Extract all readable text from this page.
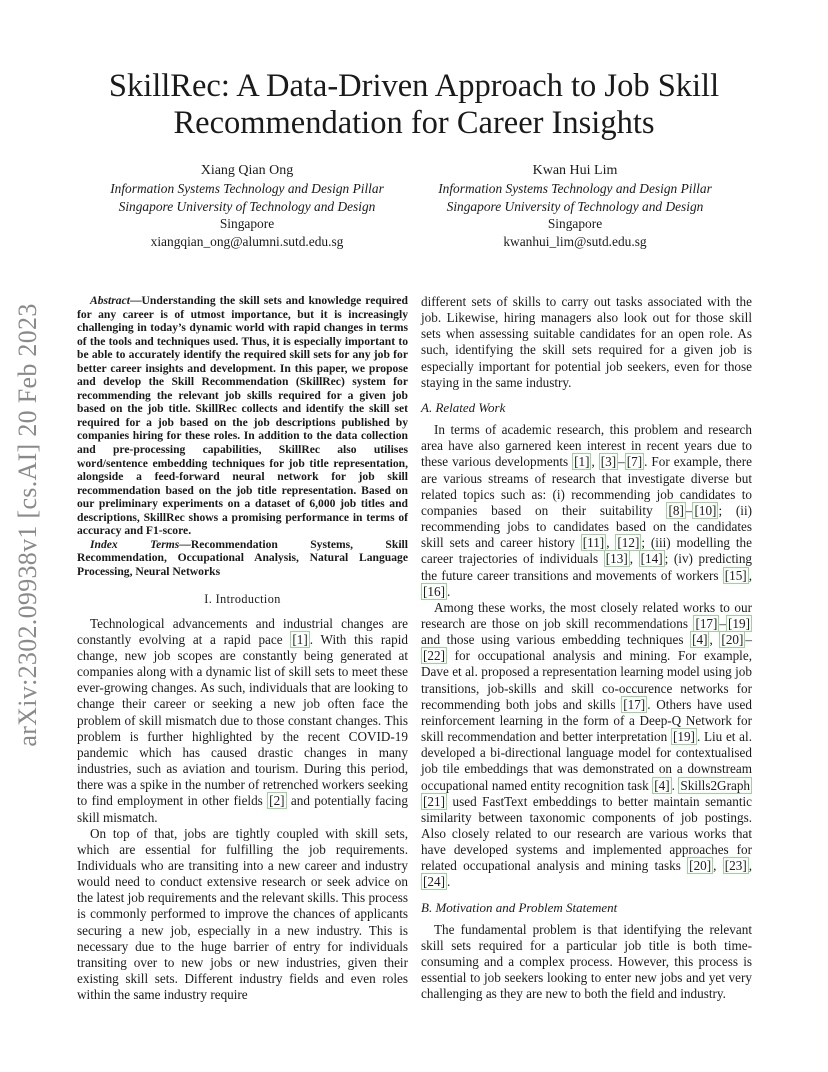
arXiv:2302.09938v1 [cs.AI] 20 Feb 2023
SkillRec: A Data-Driven Approach to Job Skill Recommendation for Career Insights
Xiang Qian Ong
Information Systems Technology and Design Pillar
Singapore University of Technology and Design
Singapore
xiangqian_ong@alumni.sutd.edu.sg
Kwan Hui Lim
Information Systems Technology and Design Pillar
Singapore University of Technology and Design
Singapore
kwanhui_lim@sutd.edu.sg

Abstract—Understanding the skill sets and knowledge required for any career is of utmost importance, but it is increasingly challenging in today’s dynamic world with rapid changes in terms of the tools and techniques used. Thus, it is especially important to be able to accurately identify the required skill sets for any job for better career insights and development. In this paper, we propose and develop the Skill Recommendation (SkillRec) system for recommending the relevant job skills required for a given job based on the job title. SkillRec collects and identify the skill set required for a job based on the job descriptions published by companies hiring for these roles. In addition to the data collection and pre-processing capabilities, SkillRec also utilises word/sentence embedding techniques for job title representation, alongside a feed-forward neural network for job skill recommendation based on the job title representation. Based on our preliminary experiments on a dataset of 6,000 job titles and descriptions, SkillRec shows a promising performance in terms of accuracy and F1-score.

Index Terms—Recommendation Systems, Skill Recommendation, Occupational Analysis, Natural Language Processing, Neural Networks

I. Introduction

Technological advancements and industrial changes are constantly evolving at a rapid pace [1] . With this rapid change, new job scopes are constantly being generated at companies along with a dynamic list of skill sets to meet these ever-growing changes. As such, individuals that are looking to change their career or seeking a new job often face the problem of skill mismatch due to those constant changes. This problem is further highlighted by the recent COVID-19 pandemic which has caused drastic changes in many industries, such as aviation and tourism. During this period, there was a spike in the number of retrenched workers seeking to find employment in other fields [2] and potentially facing skill mismatch.

On top of that, jobs are tightly coupled with skill sets, which are essential for fulfilling the job requirements. Individuals who are transiting into a new career and industry would need to conduct extensive research or seek advice on the latest job requirements and the relevant skills. This process is commonly performed to improve the chances of applicants securing a new job, especially in a new industry. This is necessary due to the huge barrier of entry for individuals transiting over to new jobs or new industries, given their existing skill sets. Different industry fields and even roles within the same industry require

different sets of skills to carry out tasks associated with the job. Likewise, hiring managers also look out for those skill sets when assessing suitable candidates for an open role. As such, identifying the skill sets required for a given job is especially important for potential job seekers, even for those staying in the same industry.

A. Related Work

In terms of academic research, this problem and research area have also garnered keen interest in recent years due to these various developments [1] , [3] – [7] . For example, there are various streams of research that investigate diverse but related topics such as: (i) recommending job candidates to companies based on their suitability [8] – [10] ; (ii) recommending jobs to candidates based on the candidates skill sets and career history [11] , [12] ; (iii) modelling the career trajectories of individuals [13] , [14] ; (iv) predicting the future career transitions and movements of workers [15] , [16] .

Among these works, the most closely related works to our research are those on job skill recommendations [17] – [19] and those using various embedding techniques [4] , [20] –[22] for occupational analysis and mining. For example, Dave et al. proposed a representation learning model using job transitions, job-skills and skill co-occurence networks for recommending both jobs and skills [17] . Others have used reinforcement learning in the form of a Deep-Q Network for skill recommendation and better interpretation [19] . Liu et al. developed a bi-directional language model for contextualised job tile embeddings that was demonstrated on a downstream occupational named entity recognition task [4] . Skills2Graph [21] used FastText embeddings to better maintain semantic similarity between taxonomic components of job postings. Also closely related to our research are various works that have developed systems and implemented approaches for related occupational analysis and mining tasks [20] , [23] , [24] .

B. Motivation and Problem Statement

The fundamental problem is that identifying the relevant skill sets required for a particular job title is both time-consuming and a complex process. However, this process is essential to job seekers looking to enter new jobs and yet very challenging as they are new to both the field and industry.
